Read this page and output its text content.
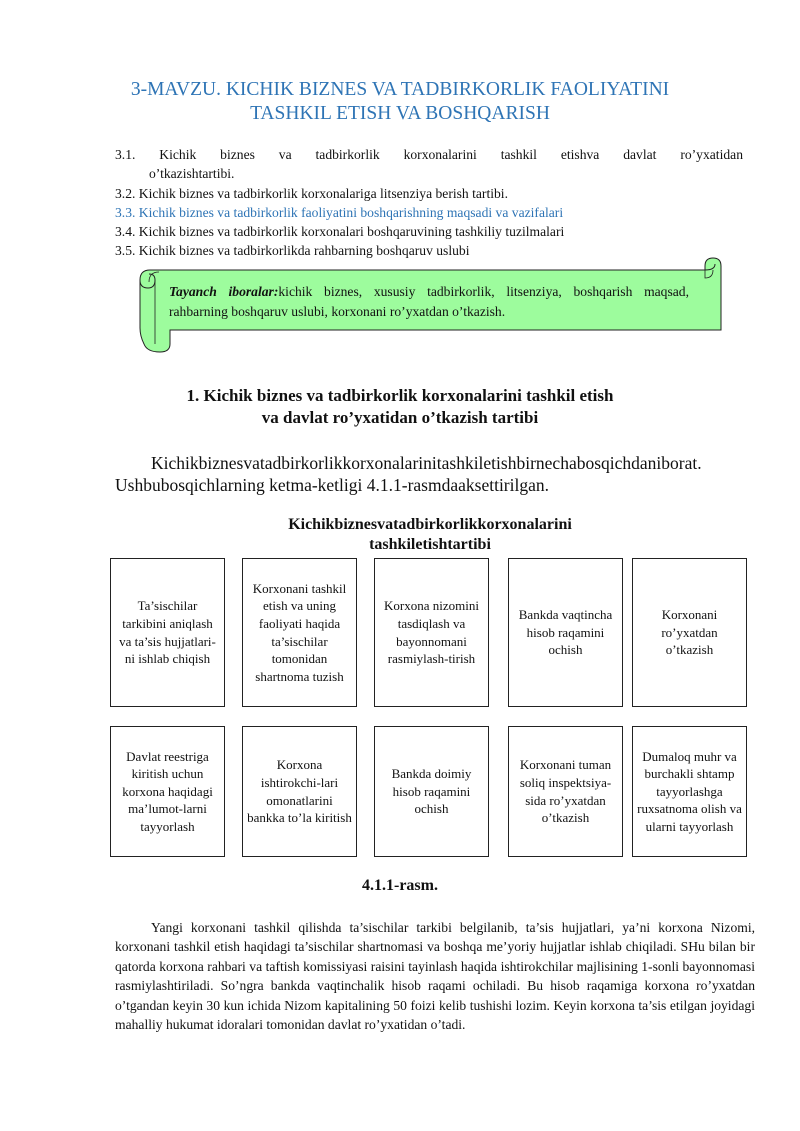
3-MAVZU. KICHIK BIZNES VA TADBIRKORLIK FAOLIYATINI TASHKIL ETISH VA BOSHQARISH
3.1. Kichik biznes va tadbirkorlik korxonalarini tashkil etishva davlat ro’yxatidan
o’tkazishtartibi.
3.2. Kichik biznes va tadbirkorlik korxonalariga litsenziya berish tartibi.
3.3. Kichik biznes va tadbirkorlik faoliyatini boshqarishning maqsadi va vazifalari
3.4. Kichik biznes va tadbirkorlik korxonalari boshqaruvining tashkiliy tuzilmalari
3.5. Kichik biznes va tadbirkorlikda rahbarning boshqaruv uslubi
Tayanch iboralar:kichik biznes, xususiy tadbirkorlik, litsenziya, boshqarish maqsad, rahbarning boshqaruv uslubi, korxonani ro’yxatdan o’tkazish.
1. Kichik biznes va tadbirkorlik korxonalarini tashkil etish
va davlat ro’yxatidan o’tkazish tartibi
Kichikbiznesvatadbirkorlikkorxonalarinitashkiletishbirnechabosqichdaniborat.
Ushbubosqichlarning ketma-ketligi 4.1.1-rasmdaaksettirilgan.
Kichikbiznesvatadbirkorlikkorxonalarini
tashkiletishtartibi
Ta’sischilar tarkibini aniqlash va ta’sis hujjatlari-ni ishlab chiqish
Korxonani tashkil etish va uning faoliyati haqida ta’sischilar tomonidan shartnoma tuzish
Korxona nizomini tasdiqlash va bayonnomani rasmiylash-tirish
Bankda vaqtincha hisob raqamini ochish
Korxonani ro’yxatdan o’tkazish
Davlat reestriga kiritish uchun korxona haqidagi ma’lumot-larni tayyorlash
Korxona ishtirokchi-lari omonatlarini bankka to’la kiritish
Bankda doimiy hisob raqamini ochish
Korxonani tuman soliq inspektsiya-sida ro’yxatdan o’tkazish
Dumaloq muhr va burchakli shtamp tayyorlashga ruxsatnoma olish va ularni tayyorlash
4.1.1-rasm.
Yangi korxonani tashkil qilishda ta’sischilar tarkibi belgilanib, ta’sis hujjatlari, ya’ni korxona Nizomi, korxonani tashkil etish haqidagi ta’sischilar shartnomasi va boshqa me’yoriy hujjatlar ishlab chiqiladi. SHu bilan bir qatorda korxona rahbari va taftish komissiyasi raisini tayinlash haqida ishtirokchilar majlisining 1-sonli bayonnomasi rasmiylashtiriladi. So’ngra bankda vaqtinchalik hisob raqami ochiladi. Bu hisob raqamiga korxona ro’yxatdan o’tgandan keyin 30 kun ichida Nizom kapitalining 50 foizi kelib tushishi lozim. Keyin korxona ta’sis etilgan joyidagi mahalliy hukumat idoralari tomonidan davlat ro’yxatidan o’tadi.
